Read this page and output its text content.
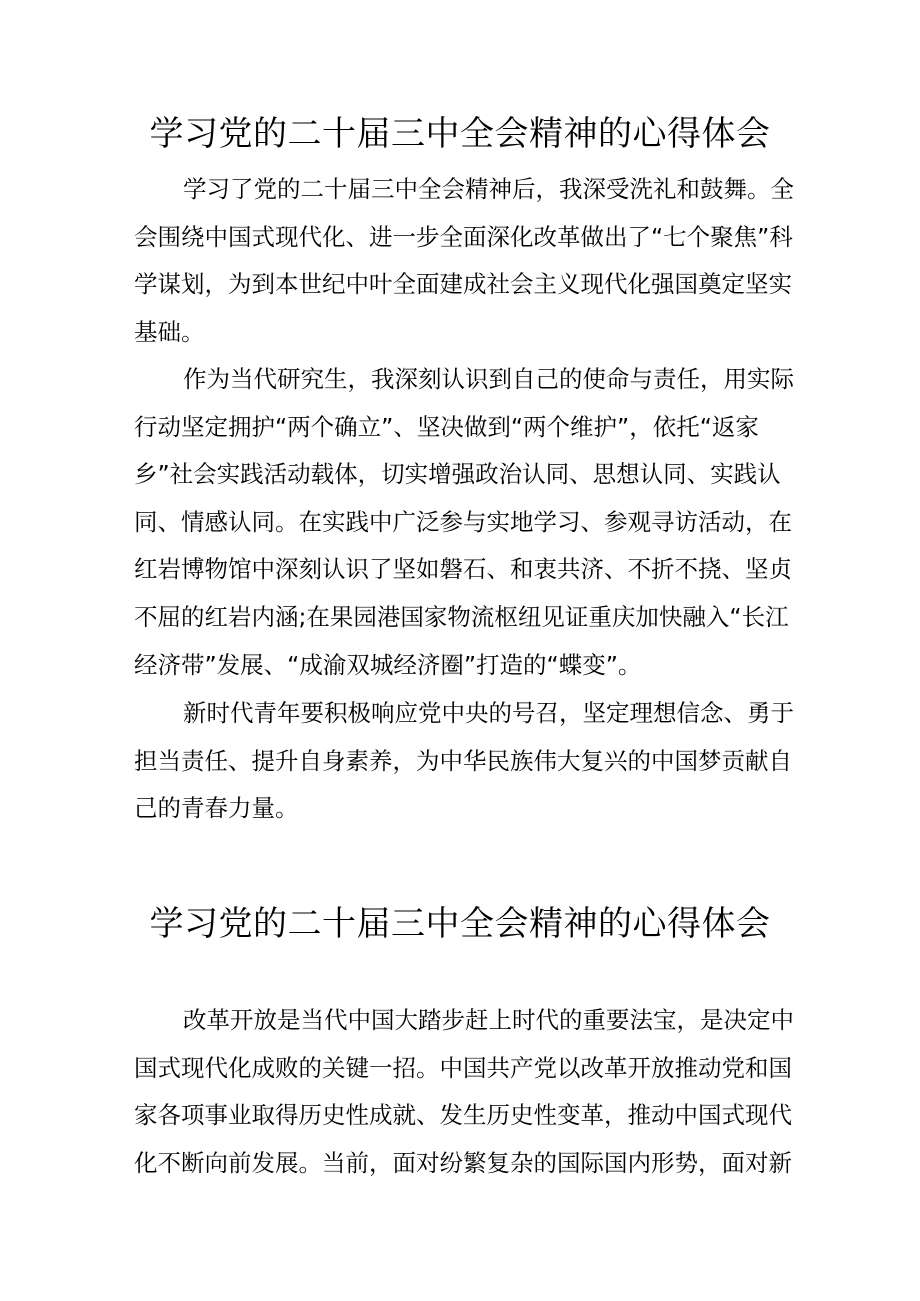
学习党的二十届三中全会精神的心得体会

学习了党的二十届三中全会精神后，我深受洗礼和鼓舞。全会围绕中国式现代化、进一步全面深化改革做出了“七个聚焦”科学谋划，为到本世纪中叶全面建成社会主义现代化强国奠定坚实基础。

作为当代研究生，我深刻认识到自己的使命与责任，用实际行动坚定拥护“两个确立”、坚决做到“两个维护”，依托“返家乡”社会实践活动载体，切实增强政治认同、思想认同、实践认同、情感认同。在实践中广泛参与实地学习、参观寻访活动，在红岩博物馆中深刻认识了坚如磐石、和衷共济、不折不挠、坚贞不屈的红岩内涵;在果园港国家物流枢纽见证重庆加快融入“长江经济带”发展、“成渝双城经济圈”打造的“蝶变”。

新时代青年要积极响应党中央的号召，坚定理想信念、勇于担当责任、提升自身素养，为中华民族伟大复兴的中国梦贡献自己的青春力量。

学习党的二十届三中全会精神的心得体会

改革开放是当代中国大踏步赶上时代的重要法宝，是决定中国式现代化成败的关键一招。中国共产党以改革开放推动党和国家各项事业取得历史性成就、发生历史性变革，推动中国式现代化不断向前发展。当前，面对纷繁复杂的国际国内形势，面对新
